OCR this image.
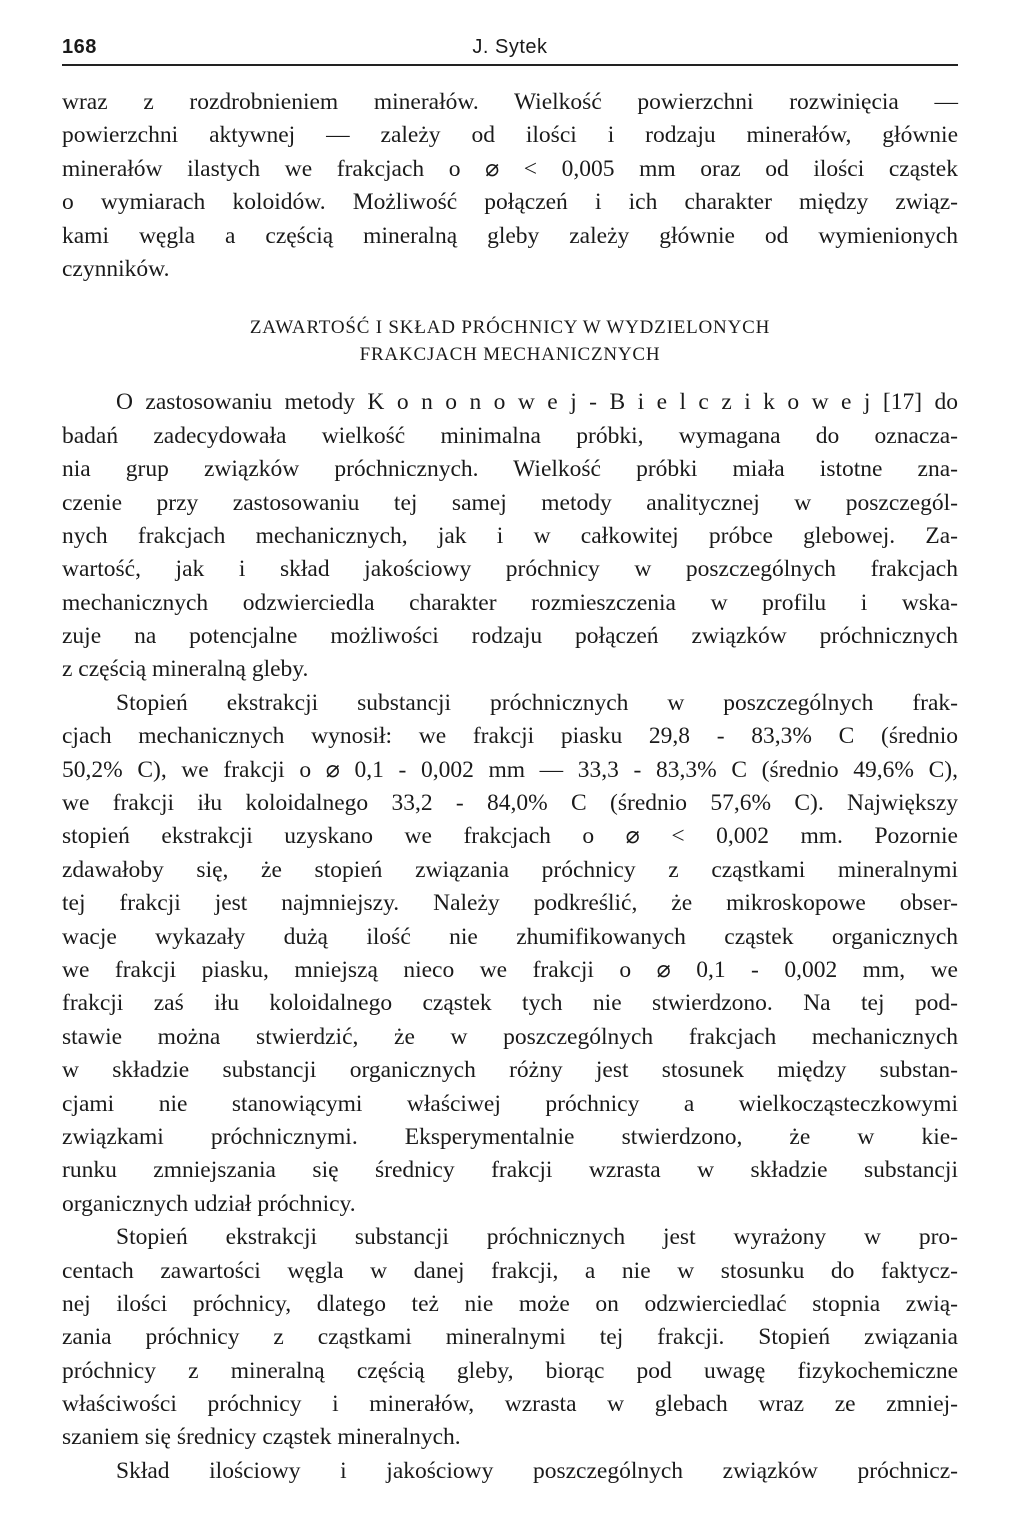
168	J. Sytek
wraz z rozdrobnieniem minerałów. Wielkość powierzchni rozwinięcia —
powierzchni aktywnej — zależy od ilości i rodzaju minerałów, głównie
minerałów ilastych we frakcjach o ⌀ < 0,005 mm oraz od ilości cząstek
o wymiarach koloidów. Możliwość połączeń i ich charakter między związ-
kami węgla a częścią mineralną gleby zależy głównie od wymienionych
czynników.
ZAWARTOŚĆ I SKŁAD PRÓCHNICY W WYDZIELONYCH
FRAKCJACH MECHANICZNYCH
O zastosowaniu metody K o n o n o w e j - B i e l c z i k o w e j [17] do
badań zadecydowała wielkość minimalna próbki, wymagana do oznacza-
nia grup związków próchnicznych. Wielkość próbki miała istotne zna-
czenie przy zastosowaniu tej samej metody analitycznej w poszczegól-
nych frakcjach mechanicznych, jak i w całkowitej próbce glebowej. Za-
wartość, jak i skład jakościowy próchnicy w poszczególnych frakcjach
mechanicznych odzwierciedla charakter rozmieszczenia w profilu i wska-
zuje na potencjalne możliwości rodzaju połączeń związków próchnicznych
z częścią mineralną gleby.
Stopień ekstrakcji substancji próchnicznych w poszczególnych frak-
cjach mechanicznych wynosił: we frakcji piasku 29,8 - 83,3% C (średnio
50,2% C), we frakcji o ⌀ 0,1 - 0,002 mm — 33,3 - 83,3% C (średnio 49,6% C),
we frakcji iłu koloidalnego 33,2 - 84,0% C (średnio 57,6% C). Największy
stopień ekstrakcji uzyskano we frakcjach o ⌀ < 0,002 mm. Pozornie
zdawałoby się, że stopień związania próchnicy z cząstkami mineralnymi
tej frakcji jest najmniejszy. Należy podkreślić, że mikroskopowe obser-
wacje wykazały dużą ilość nie zhumifikowanych cząstek organicznych
we frakcji piasku, mniejszą nieco we frakcji o ⌀ 0,1 - 0,002 mm, we
frakcji zaś iłu koloidalnego cząstek tych nie stwierdzono. Na tej pod-
stawie można stwierdzić, że w poszczególnych frakcjach mechanicznych
w składzie substancji organicznych różny jest stosunek między substan-
cjami nie stanowiącymi właściwej próchnicy a wielkocząsteczkowymi
związkami próchnicznymi. Eksperymentalnie stwierdzono, że w kie-
runku zmniejszania się średnicy frakcji wzrasta w składzie substancji
organicznych udział próchnicy.
Stopień ekstrakcji substancji próchnicznych jest wyrażony w pro-
centach zawartości węgla w danej frakcji, a nie w stosunku do faktycz-
nej ilości próchnicy, dlatego też nie może on odzwierciedlać stopnia zwią-
zania próchnicy z cząstkami mineralnymi tej frakcji. Stopień związania
próchnicy z mineralną częścią gleby, biorąc pod uwagę fizykochemiczne
właściwości próchnicy i minerałów, wzrasta w glebach wraz ze zmniej-
szaniem się średnicy cząstek mineralnych.
Skład ilościowy i jakościowy poszczególnych związków próchnicz-
